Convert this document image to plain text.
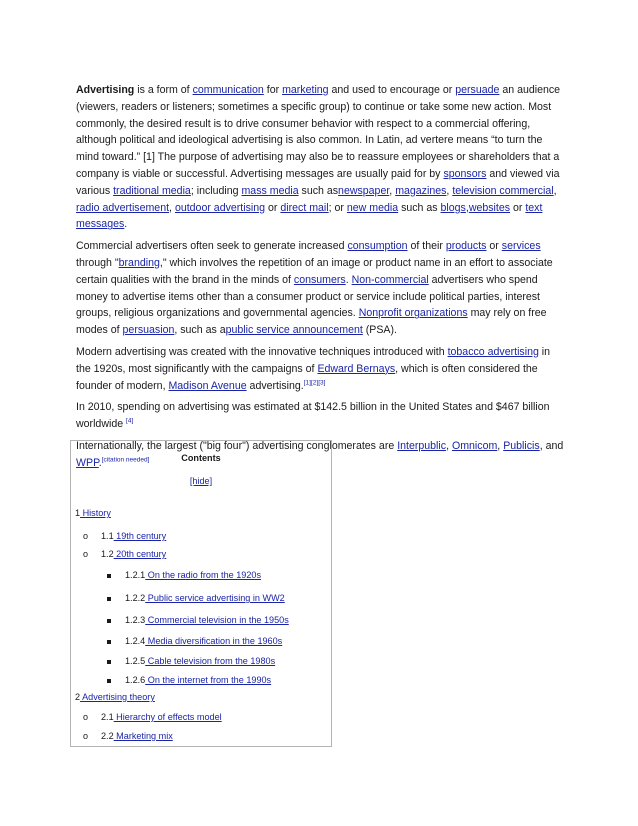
Advertising is a form of communication for marketing and used to encourage or persuade an audience (viewers, readers or listeners; sometimes a specific group) to continue or take some new action. Most commonly, the desired result is to drive consumer behavior with respect to a commercial offering, although political and ideological advertising is also common. In Latin, ad vertere means “to turn the mind toward.” [1] The purpose of advertising may also be to reassure employees or shareholders that a company is viable or successful. Advertising messages are usually paid for by sponsors and viewed via various traditional media; including mass media such asnewspaper, magazines, television commercial, radio advertisement, outdoor advertising or direct mail; or new media such as blogs,websites or text messages.

Commercial advertisers often seek to generate increased consumption of their products or services through "branding," which involves the repetition of an image or product name in an effort to associate certain qualities with the brand in the minds of consumers. Non-commercial advertisers who spend money to advertise items other than a consumer product or service include political parties, interest groups, religious organizations and governmental agencies. Nonprofit organizations may rely on free modes of persuasion, such as apublic service announcement (PSA).

Modern advertising was created with the innovative techniques introduced with tobacco advertising in the 1920s, most significantly with the campaigns of Edward Bernays, which is often considered the founder of modern, Madison Avenue advertising.[1][2][3]

In 2010, spending on advertising was estimated at $142.5 billion in the United States and $467 billion worldwide [4]

Internationally, the largest ("big four") advertising conglomerates are Interpublic, Omnicom, Publicis, and WPP.[citation needed]	Contents
[hide]
1 History
o 1.1 19th century
o 1.2 20th century
1.2.1 On the radio from the 1920s
1.2.2 Public service advertising in WW2
1.2.3 Commercial television in the 1950s
1.2.4 Media diversification in the 1960s
1.2.5 Cable television from the 1980s
1.2.6 On the internet from the 1990s
2 Advertising theory
o 2.1 Hierarchy of effects model
o 2.2 Marketing mix
